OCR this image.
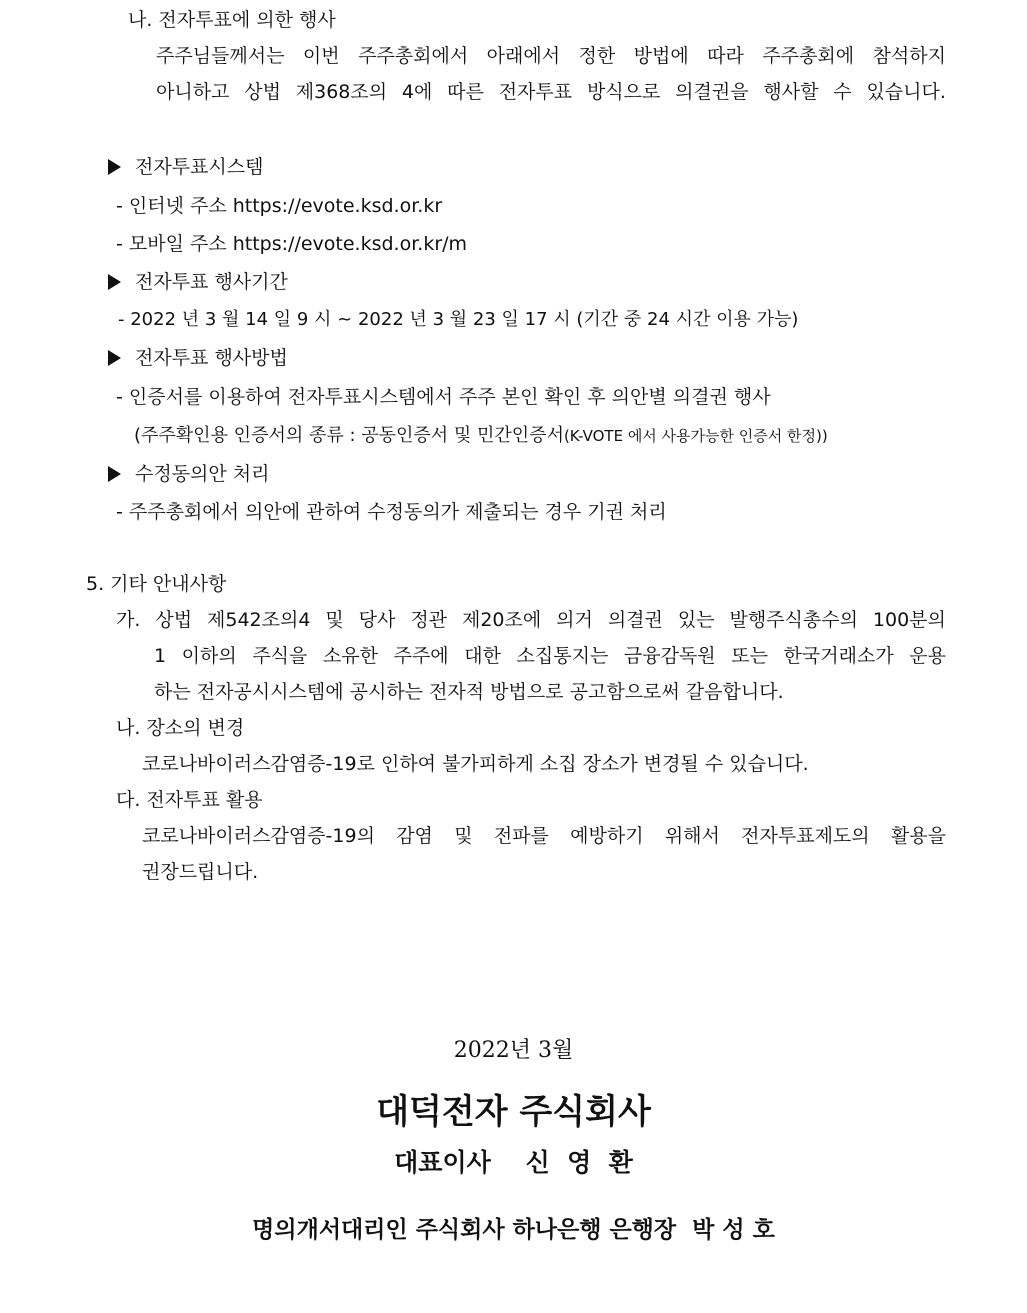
나. 전자투표에 의한 행사
주주님들께서는 이번 주주총회에서 아래에서 정한 방법에 따라 주주총회에 참석하지
아니하고 상법 제368조의 4에 따른 전자투표 방식으로 의결권을 행사할 수 있습니다.
전자투표시스템
- 인터넷 주소 https://evote.ksd.or.kr
- 모바일 주소 https://evote.ksd.or.kr/m
전자투표 행사기간
- 2022 년 3 월 14 일 9 시 ~ 2022 년 3 월 23 일 17 시 (기간 중 24 시간 이용 가능)
전자투표 행사방법
- 인증서를 이용하여 전자투표시스템에서 주주 본인 확인 후 의안별 의결권 행사
(주주확인용 인증서의 종류 : 공동인증서 및 민간인증서(K-VOTE 에서 사용가능한 인증서 한정))
수정동의안 처리
- 주주총회에서 의안에 관하여 수정동의가 제출되는 경우 기권 처리
5. 기타 안내사항
가. 상법 제542조의4 및 당사 정관 제20조에 의거 의결권 있는 발행주식총수의 100분의
1 이하의 주식을 소유한 주주에 대한 소집통지는 금융감독원 또는 한국거래소가 운용
하는 전자공시시스템에 공시하는 전자적 방법으로 공고함으로써 갈음합니다.
나. 장소의 변경
코로나바이러스감염증-19로 인하여 불가피하게 소집 장소가 변경될 수 있습니다.
다. 전자투표 활용
코로나바이러스감염증-19의 감염 및 전파를 예방하기 위해서 전자투표제도의 활용을
권장드립니다.
2022년 3월
대덕전자 주식회사
대표이사    신  영  환
명의개서대리인 주식회사 하나은행 은행장  박 성 호
